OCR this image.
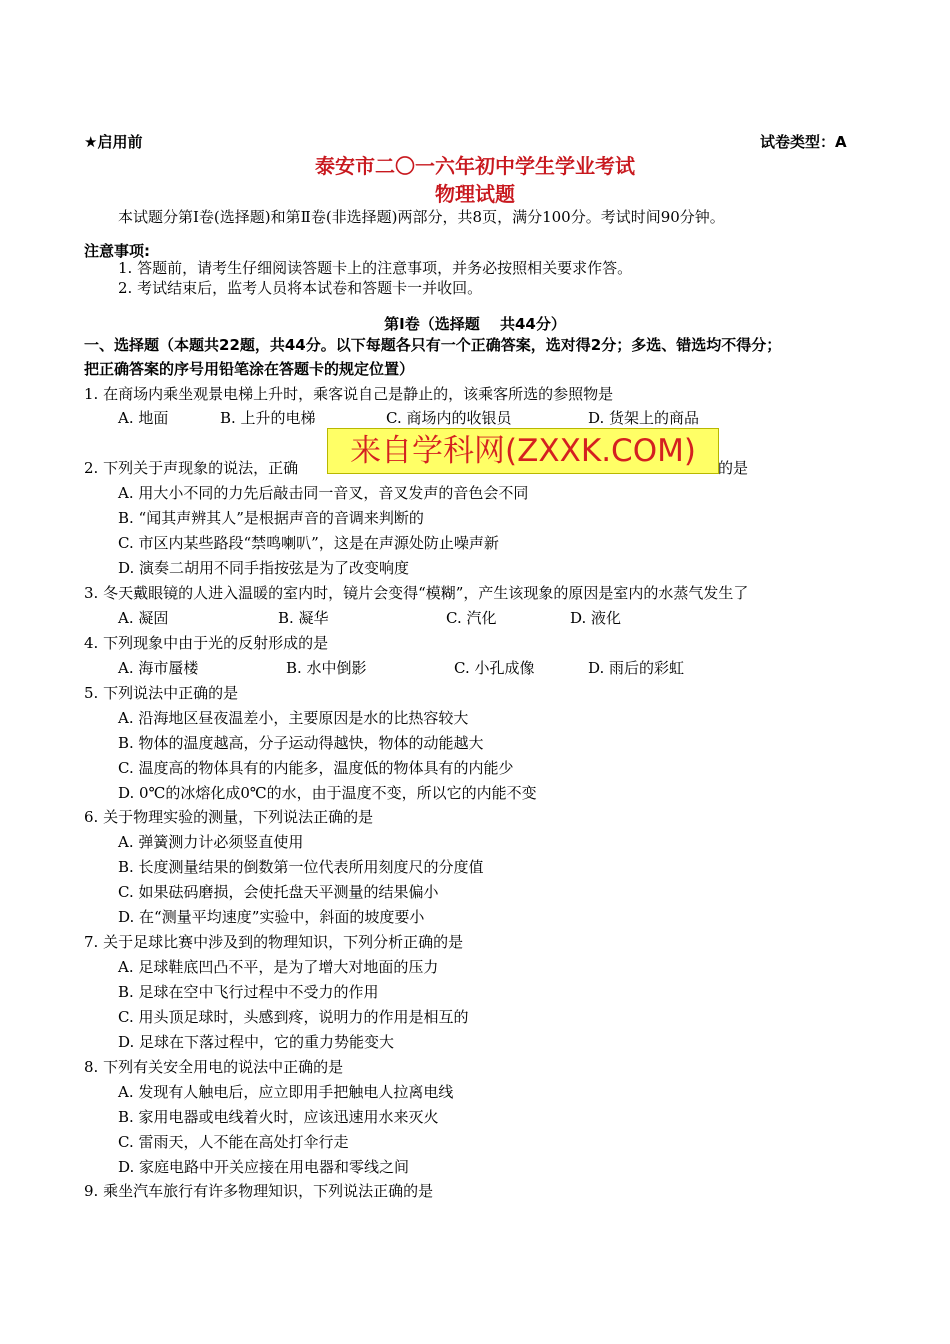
★启用前	试卷类型：A
泰安市二〇一六年初中学生学业考试
物理试题
本试题分第Ⅰ卷(选择题)和第Ⅱ卷(非选择题)两部分，共8页，满分100分。考试时间90分钟。
注意事项:
1. 答题前，请考生仔细阅读答题卡上的注意事项，并务必按照相关要求作答。
2. 考试结束后，监考人员将本试卷和答题卡一并收回。
第Ⅰ卷（选择题　 共44分）
一、选择题（本题共22题，共44分。以下每题各只有一个正确答案，选对得2分；多选、错选均不得分；
把正确答案的序号用铅笔涂在答题卡的规定位置）
1. 在商场内乘坐观景电梯上升时，乘客说自己是静止的，该乘客所选的参照物是
A. 地面	B. 上升的电梯	C. 商场内的收银员	D. 货架上的商品
来自学科网(ZXXK.COM)
2. 下列关于声现象的说法，正确	的是
A. 用大小不同的力先后敲击同一音叉，音叉发声的音色会不同
B. “闻其声辨其人”是根据声音的音调来判断的
C. 市区内某些路段“禁鸣喇叭”，这是在声源处防止噪声新
D. 演奏二胡用不同手指按弦是为了改变响度
3. 冬天戴眼镜的人进入温暖的室内时，镜片会变得“模糊”，产生该现象的原因是室内的水蒸气发生了
A. 凝固	B. 凝华	C. 汽化	D. 液化
4. 下列现象中由于光的反射形成的是
A. 海市蜃楼	B. 水中倒影	C. 小孔成像	D. 雨后的彩虹
5. 下列说法中正确的是
A. 沿海地区昼夜温差小，主要原因是水的比热容较大
B. 物体的温度越高，分子运动得越快，物体的动能越大
C. 温度高的物体具有的内能多，温度低的物体具有的内能少
D. 0℃的冰熔化成0℃的水，由于温度不变，所以它的内能不变
6. 关于物理实验的测量，下列说法正确的是
A. 弹簧测力计必须竖直使用
B. 长度测量结果的倒数第一位代表所用刻度尺的分度值
C. 如果砝码磨损，会使托盘天平测量的结果偏小
D. 在“测量平均速度”实验中，斜面的坡度要小
7. 关于足球比赛中涉及到的物理知识，下列分析正确的是
A. 足球鞋底凹凸不平，是为了增大对地面的压力
B. 足球在空中飞行过程中不受力的作用
C. 用头顶足球时，头感到疼，说明力的作用是相互的
D. 足球在下落过程中，它的重力势能变大
8. 下列有关安全用电的说法中正确的是
A. 发现有人触电后，应立即用手把触电人拉离电线
B. 家用电器或电线着火时，应该迅速用水来灭火
C. 雷雨天，人不能在高处打伞行走
D. 家庭电路中开关应接在用电器和零线之间
9. 乘坐汽车旅行有许多物理知识，下列说法正确的是
